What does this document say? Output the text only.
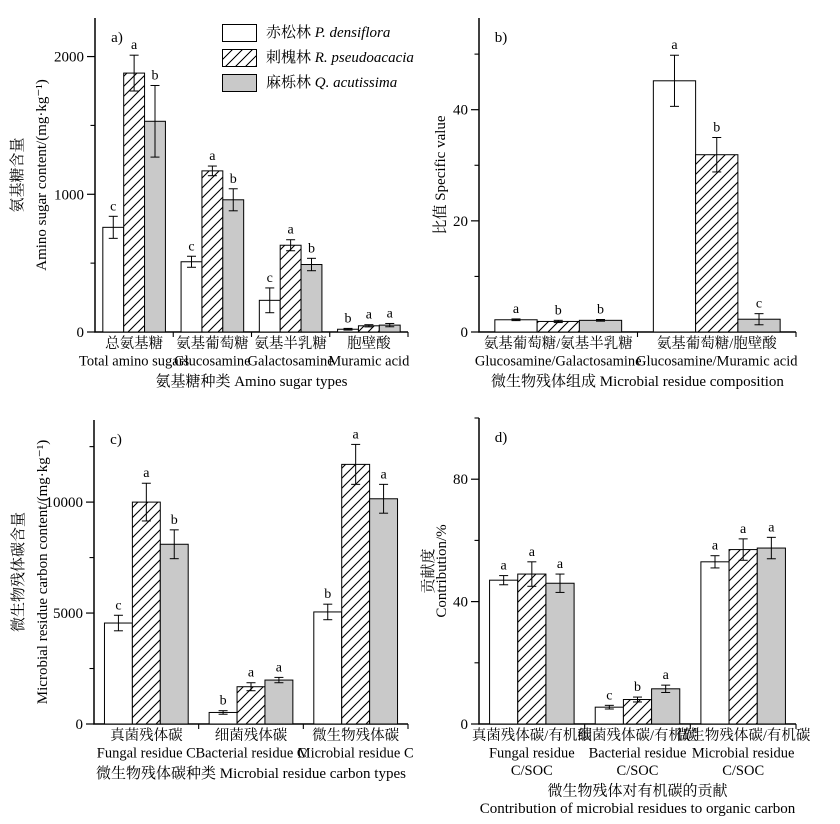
0
1000
2000
c
c
c
b
a
a
a
a
b
b
b
a
总氨基糖
Total amino sugars
氨基葡萄糖
Glucosamine
氨基半乳糖
Galactosamine
胞壁酸
Muramic acid
氨基糖种类 Amino sugar types
氨基糖含量 Amino sugar content/(mg·kg⁻¹)
a)
0
20
40
a
a
b
b
b	c
氨基葡萄糖/氨基半乳糖
Glucosamine/Galactosamine
氨基葡萄糖/胞壁酸
Glucosamine/Muramic acid
微生物残体组成 Microbial residue composition
比值 Specific value
b)
0
5000
10000
c
b
b
a
a
a
b
a
a
真菌残体碳
Fungal residue C
细菌残体碳
Bacterial residue C
微生物残体碳
Microbial residue C
微生物残体碳种类 Microbial residue carbon types
微生物残体碳含量 Microbial residue carbon content/(mg·kg⁻¹)	c)
0
40
80
a
c
a
a
b
a
a
a
a
真菌残体碳/有机碳
Fungal residue
C/SOC
细菌残体碳/有机碳
Bacterial residue
C/SOC
微生物残体碳/有机碳
Microbial residue
C/SOC
微生物残体对有机碳的贡献
Contribution of microbial residues to organic carbon
贡献度
Contribution/%
d)
赤松林 P. densiflora
刺槐林 R. pseudoacacia
麻栎林 Q. acutissima
